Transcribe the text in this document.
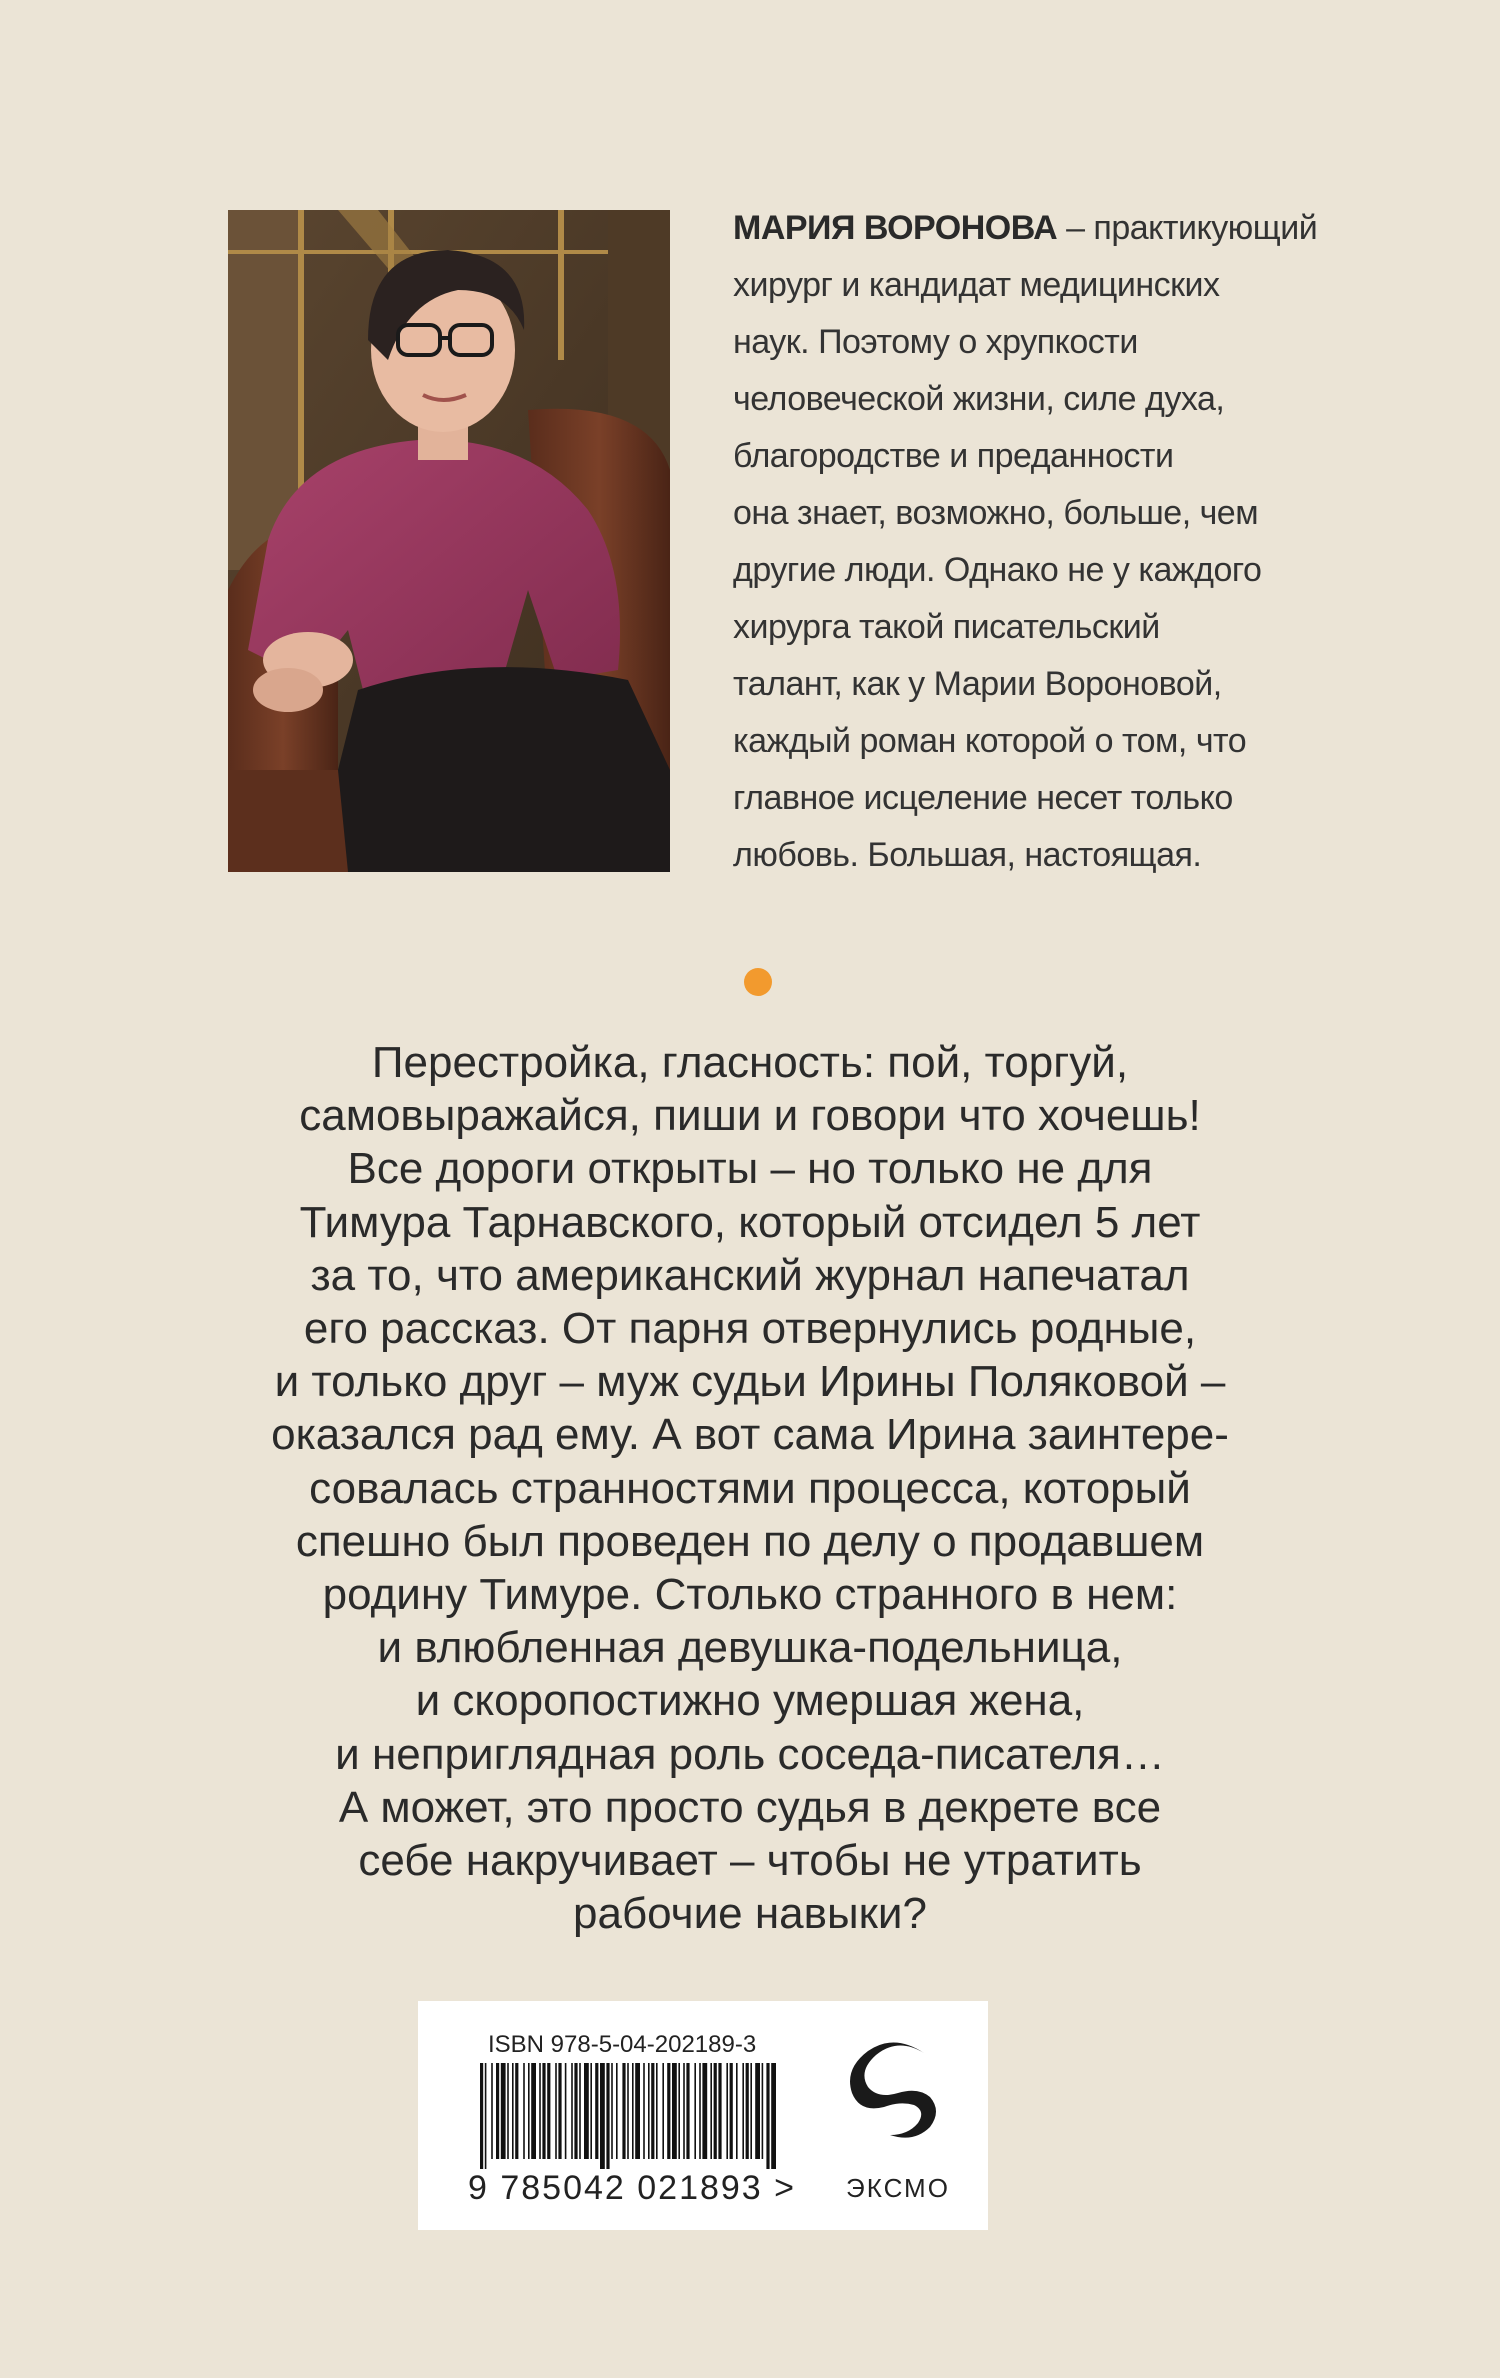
МАРИЯ ВОРОНОВА – практикующий
хирург и кандидат медицинских
наук. Поэтому о хрупкости
человеческой жизни, силе духа,
благородстве и преданности
она знает, возможно, больше, чем
другие люди. Однако не у каждого
хирурга такой писательский
талант, как у Марии Вороновой,
каждый роман которой о том, что
главное исцеление несет только
любовь. Большая, настоящая.
Перестройка, гласность: пой, торгуй,
самовыражайся, пиши и говори что хочешь!
Все дороги открыты – но только не для
Тимура Тарнавского, который отсидел 5 лет
за то, что американский журнал напечатал
его рассказ. От парня отвернулись родные,
и только друг – муж судьи Ирины Поляковой –
оказался рад ему. А вот сама Ирина заинтере-
совалась странностями процесса, который
спешно был проведен по делу о продавшем
родину Тимуре. Столько странного в нем:
и влюбленная девушка-подельница,
и скоропостижно умершая жена,
и неприглядная роль соседа-писателя…
А может, это просто судья в декрете все
себе накручивает – чтобы не утратить
рабочие навыки?
ISBN 978-5-04-202189-3
9 785042 021893 >	ЭКСМО
